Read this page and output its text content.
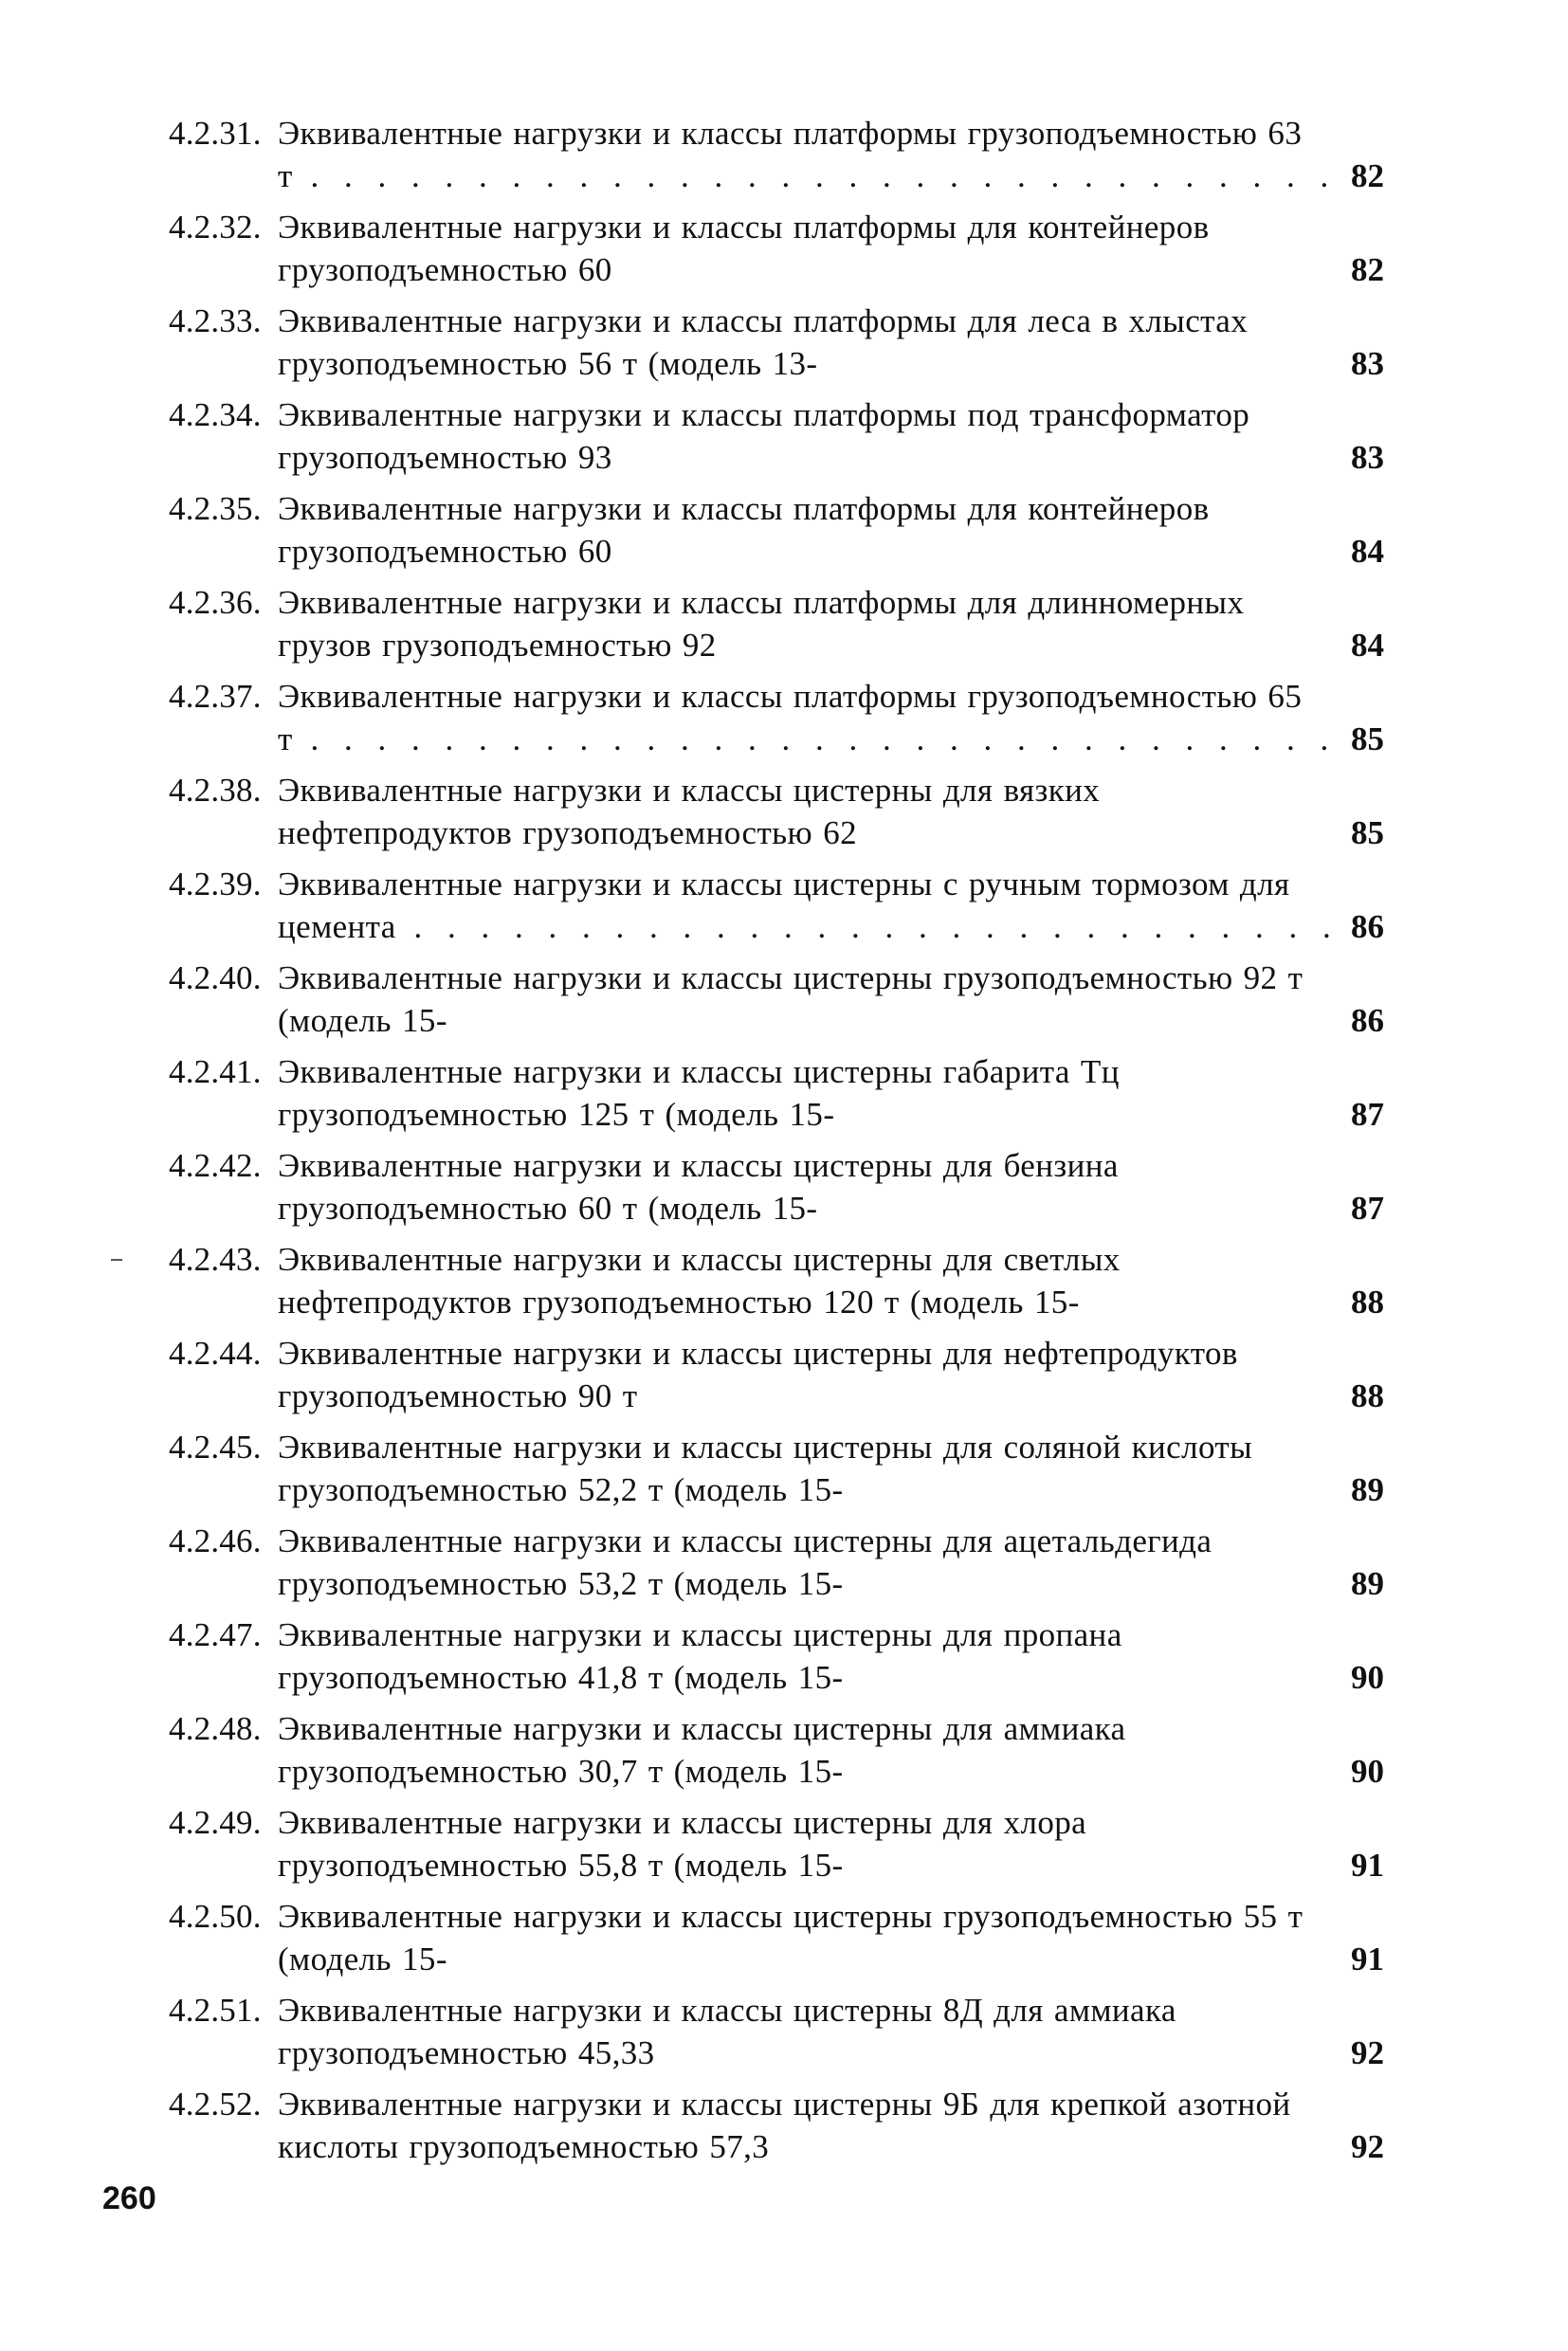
4.2.31. Эквивалентные нагрузки и классы платформы грузоподъемностью 63 т . . .	82
4.2.32. Эквивалентные нагрузки и классы платформы для контейнеров грузоподъемностью 60 . . .	82
4.2.33. Эквивалентные нагрузки и классы платформы для леса в хлыстах грузоподъемностью 56 т (модель 13- . . .	83
4.2.34. Эквивалентные нагрузки и классы платформы под трансформатор грузоподъемностью 93 . . .	83
4.2.35. Эквивалентные нагрузки и классы платформы для контейнеров грузоподъемностью 60 . . .	84
4.2.36. Эквивалентные нагрузки и классы платформы для длинномерных грузов грузоподъемностью 92 . . .	84
4.2.37. Эквивалентные нагрузки и классы платформы грузоподъемностью 65 т . . .	85
4.2.38. Эквивалентные нагрузки и классы цистерны для вязких нефтепродуктов грузоподъемностью 62 . . .	85
4.2.39. Эквивалентные нагрузки и классы цистерны с ручным тормозом для цемента . . .	86
4.2.40. Эквивалентные нагрузки и классы цистерны грузоподъемностью 92 т (модель 15- . . .	86
4.2.41. Эквивалентные нагрузки и классы цистерны габарита Тц грузоподъемностью 125 т (модель 15- . . .	87
4.2.42. Эквивалентные нагрузки и классы цистерны для бензина грузоподъемностью 60 т (модель 15- . . .	87
4.2.43. Эквивалентные нагрузки и классы цистерны для светлых нефтепродуктов грузоподъемностью 120 т (модель 15- . . .	88
4.2.44. Эквивалентные нагрузки и классы цистерны для нефтепродуктов грузоподъемностью 90 т . . .	88
4.2.45. Эквивалентные нагрузки и классы цистерны для соляной кислоты грузоподъемностью 52,2 т (модель 15- . . .	89
4.2.46. Эквивалентные нагрузки и классы цистерны для ацетальдегида грузоподъемностью 53,2 т (модель 15- . . .	89
4.2.47. Эквивалентные нагрузки и классы цистерны для пропана грузоподъемностью 41,8 т (модель 15- . . .	90
4.2.48. Эквивалентные нагрузки и классы цистерны для аммиака грузоподъемностью 30,7 т (модель 15- . . .	90
4.2.49. Эквивалентные нагрузки и классы цистерны для хлора грузоподъемностью 55,8 т (модель 15- . . .	91
4.2.50. Эквивалентные нагрузки и классы цистерны грузоподъемностью 55 т (модель 15- . . .	91
4.2.51. Эквивалентные нагрузки и классы цистерны 8Д для аммиака грузоподъемностью 45,33 . . .	92
4.2.52. Эквивалентные нагрузки и классы цистерны 9Б для крепкой азотной кислоты грузоподъемностью 57,3 . . .	92
260
